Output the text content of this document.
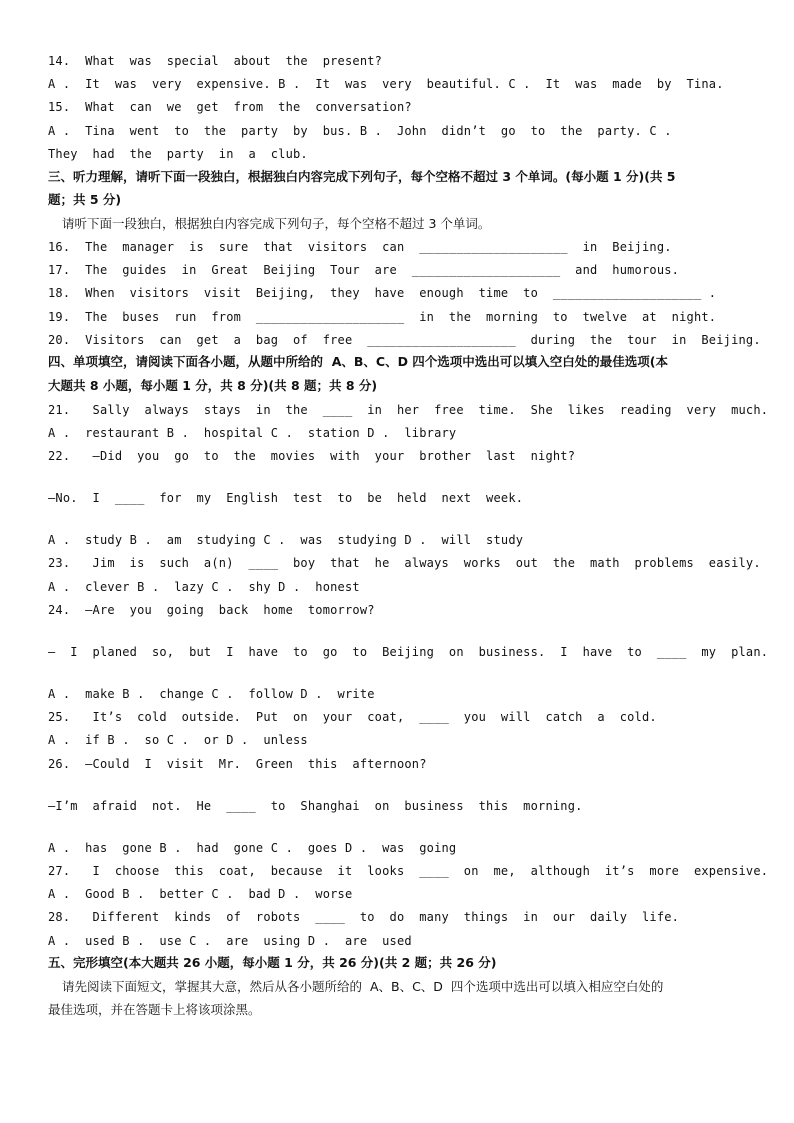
14.  What  was  special  about  the  present?
A .  It  was  very  expensive. B .  It  was  very  beautiful. C .  It  was  made  by  Tina.
15.  What  can  we  get  from  the  conversation?
A .  Tina  went  to  the  party  by  bus. B .  John  didn’t  go  to  the  party. C .
They  had  the  party  in  a  club.
三、听力理解，请听下面一段独白，根据独白内容完成下列句子，每个空格不超过 3 个单词。(每小题 1 分)(共 5
题；共 5 分)
请听下面一段独白，根据独白内容完成下列句子，每个空格不超过 3 个单词。
16.  The  manager  is  sure  that  visitors  can  ____________________  in  Beijing.
17.  The  guides  in  Great  Beijing  Tour  are  ____________________  and  humorous.
18.  When  visitors  visit  Beijing,  they  have  enough  time  to  ____________________ .
19.  The  buses  run  from  ____________________  in  the  morning  to  twelve  at  night.
20.  Visitors  can  get  a  bag  of  free  ____________________  during  the  tour  in  Beijing.
四、单项填空，请阅读下面各小题，从题中所给的  A、B、C、D 四个选项中选出可以填入空白处的最佳选项(本
大题共 8 小题，每小题 1 分，共 8 分)(共 8 题；共 8 分)
21.   Sally  always  stays  in  the  ____  in  her  free  time.  She  likes  reading  very  much.
A .  restaurant B .  hospital C .  station D .  library
22.   —Did  you  go  to  the  movies  with  your  brother  last  night?
—No.  I  ____  for  my  English  test  to  be  held  next  week.
A .  study B .  am  studying C .  was  studying D .  will  study
23.   Jim  is  such  a(n)  ____  boy  that  he  always  works  out  the  math  problems  easily.
A .  clever B .  lazy C .  shy D .  honest
24.  —Are  you  going  back  home  tomorrow?
—  I  planed  so,  but  I  have  to  go  to  Beijing  on  business.  I  have  to  ____  my  plan.
A .  make B .  change C .  follow D .  write
25.   It’s  cold  outside.  Put  on  your  coat,  ____  you  will  catch  a  cold.
A .  if B .  so C .  or D .  unless
26.  —Could  I  visit  Mr.  Green  this  afternoon?
—I’m  afraid  not.  He  ____  to  Shanghai  on  business  this  morning.
A .  has  gone B .  had  gone C .  goes D .  was  going
27.   I  choose  this  coat,  because  it  looks  ____  on  me,  although  it’s  more  expensive.
A .  Good B .  better C .  bad D .  worse
28.   Different  kinds  of  robots  ____  to  do  many  things  in  our  daily  life.
A .  used B .  use C .  are  using D .  are  used
五、完形填空(本大题共 26 小题，每小题 1 分，共 26 分)(共 2 题；共 26 分)
请先阅读下面短文，掌握其大意，然后从各小题所给的  A、B、C、D  四个选项中选出可以填入相应空白处的
最佳选项，并在答题卡上将该项涂黑。
